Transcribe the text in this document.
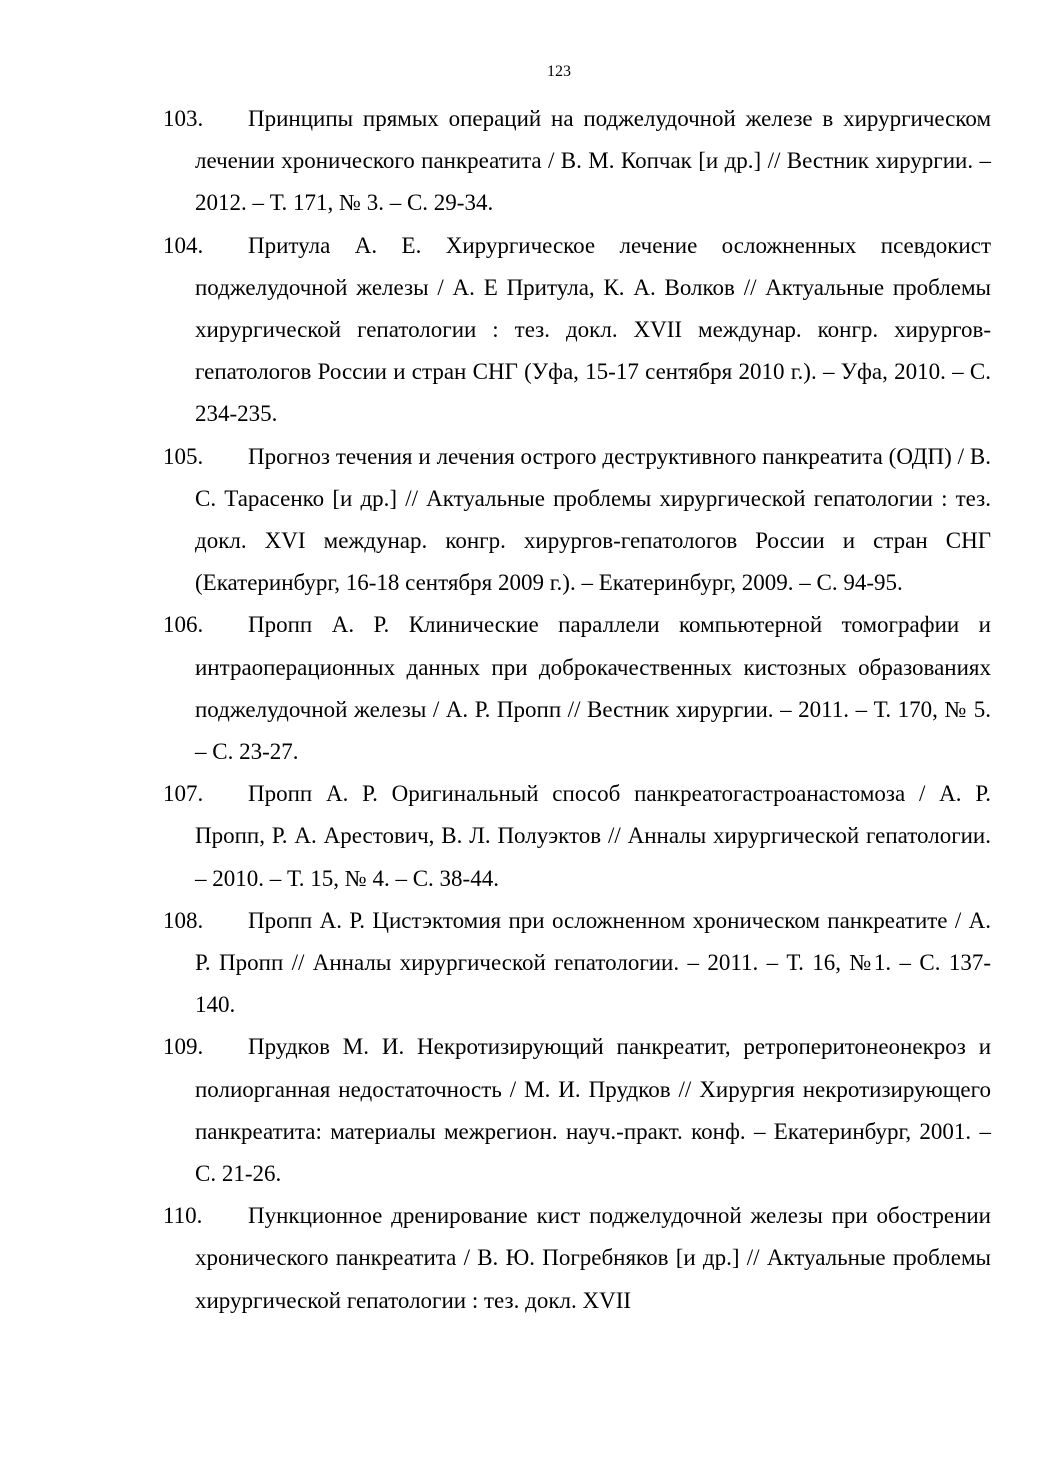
123
103.	Принципы прямых операций на поджелудочной железе в хирургическом лечении хронического панкреатита / В. М. Копчак [и др.] // Вестник хирургии. – 2012. – Т. 171, № 3. – С. 29-34.
104.	Притула А. Е. Хирургическое лечение осложненных псевдокист поджелудочной железы / А. Е Притула, К. А. Волков // Актуальные проблемы хирургической гепатологии : тез. докл. XVII междунар. конгр. хирургов-гепатологов России и стран СНГ (Уфа, 15-17 сентября 2010 г.). – Уфа, 2010. – С. 234-235.
105.	Прогноз течения и лечения острого деструктивного панкреатита (ОДП) / В. С. Тарасенко [и др.] // Актуальные проблемы хирургической гепатологии : тез. докл. XVI междунар. конгр. хирургов-гепатологов России и стран СНГ (Екатеринбург, 16-18 сентября 2009 г.). – Екатеринбург, 2009. – С. 94-95.
106.	Пропп А. Р. Клинические параллели компьютерной томографии и интраоперационных данных при доброкачественных кистозных образованиях поджелудочной железы / А. Р. Пропп // Вестник хирургии. – 2011. – Т. 170, № 5. – С. 23-27.
107.	Пропп А. Р. Оригинальный способ панкреатогастроанастомоза / А. Р. Пропп, Р. А. Арестович, В. Л. Полуэктов // Анналы хирургической гепатологии. – 2010. – Т. 15, № 4. – С. 38-44.
108.	Пропп А. Р. Цистэктомия при осложненном хроническом панкреатите / А. Р. Пропп // Анналы хирургической гепатологии. – 2011. – Т. 16, №1. – С. 137-140.
109.	Прудков М. И. Некротизирующий панкреатит, ретроперитонеонекроз и полиорганная недостаточность / М. И. Прудков // Хирургия некротизирующего панкреатита: материалы межрегион. науч.-практ. конф. – Екатеринбург, 2001. – С. 21-26.
110.	Пункционное дренирование кист поджелудочной железы при обострении хронического панкреатита / В. Ю. Погребняков [и др.] // Актуальные проблемы хирургической гепатологии : тез. докл. XVII
